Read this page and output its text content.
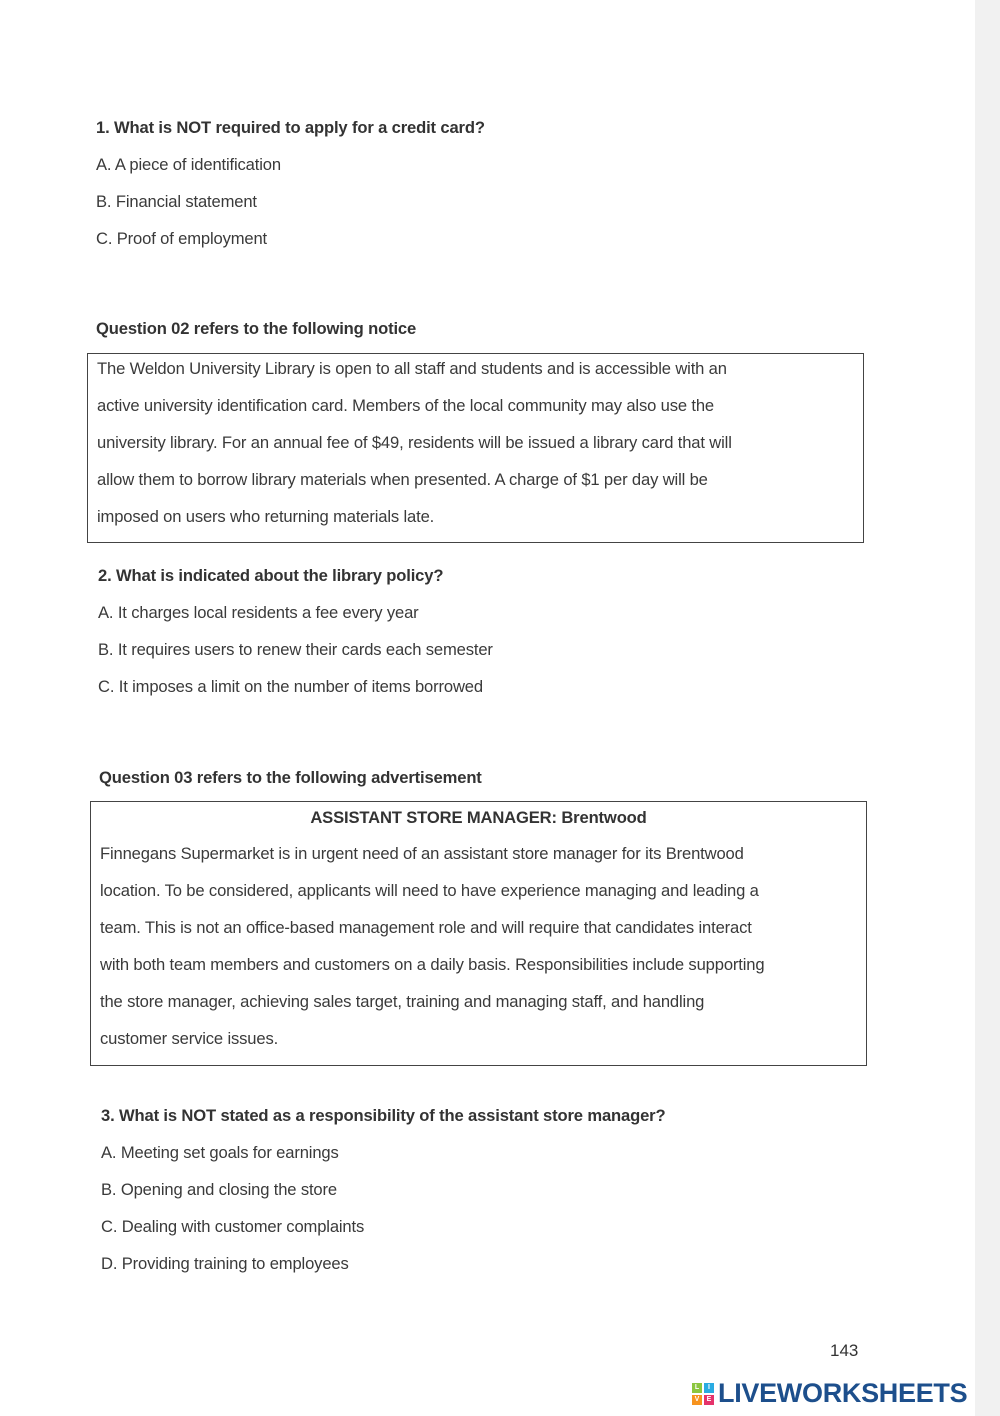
1. What is NOT required to apply for a credit card?
A. A piece of identification
B. Financial statement
C. Proof of employment
Question 02 refers to the following notice
The Weldon University Library is open to all staff and students and is accessible with an
active university identification card. Members of the local community may also use the
university library. For an annual fee of $49, residents will be issued a library card that will
allow them to borrow library materials when presented. A charge of $1 per day will be
imposed on users who returning materials late.
2. What is indicated about the library policy?
A. It charges local residents a fee every year
B. It requires users to renew their cards each semester
C. It imposes a limit on the number of items borrowed
Question 03 refers to the following advertisement
ASSISTANT STORE MANAGER: Brentwood
Finnegans Supermarket is in urgent need of an assistant store manager for its Brentwood
location. To be considered, applicants will need to have experience managing and leading a
team. This is not an office-based management role and will require that candidates interact
with both team members and customers on a daily basis. Responsibilities include supporting
the store manager, achieving sales target, training and managing staff, and handling
customer service issues.
3. What is NOT stated as a responsibility of the assistant store manager?
A. Meeting set goals for earnings
B. Opening and closing the store
C. Dealing with customer complaints
D. Providing training to employees
143
L	I
V	E LIVEWORKSHEETS
